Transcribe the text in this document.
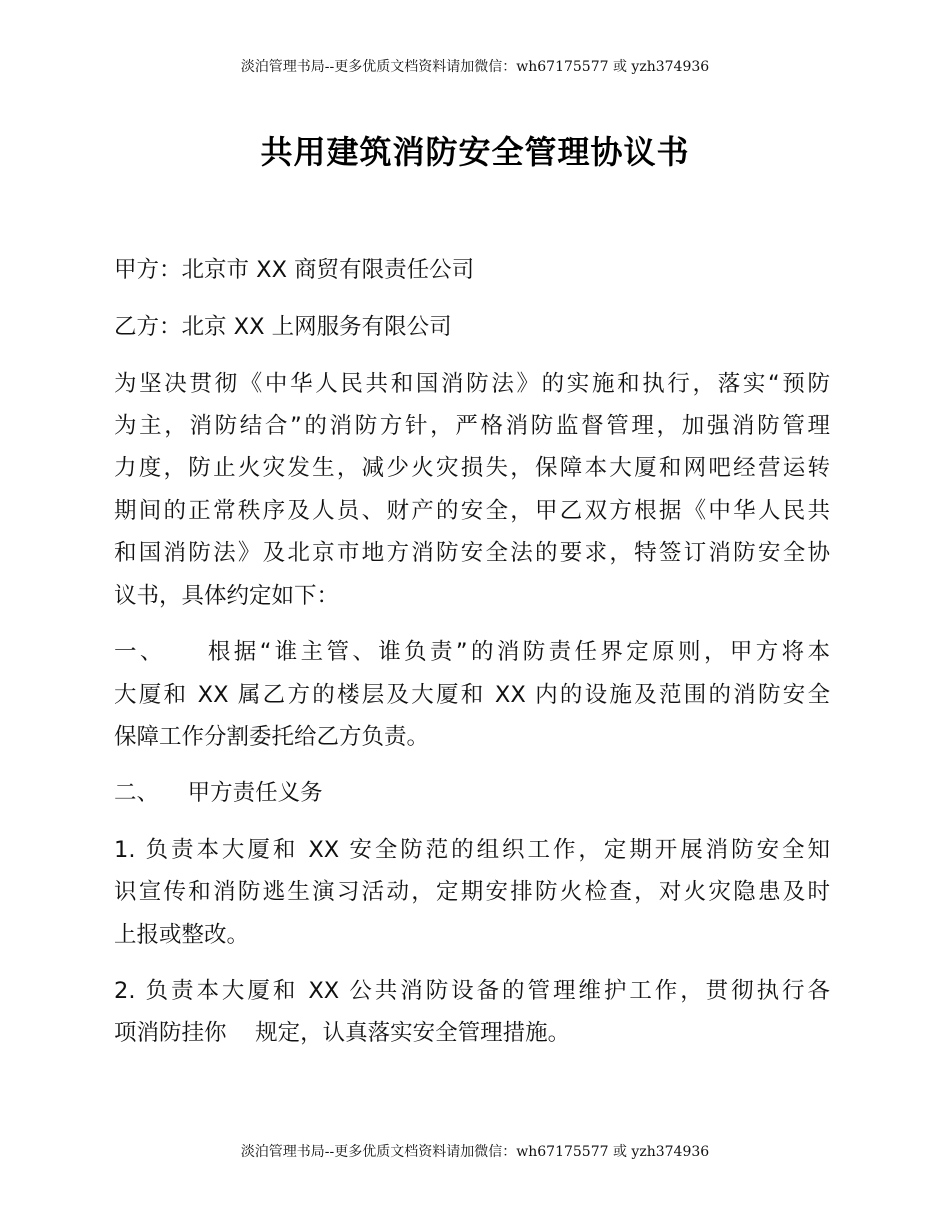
淡泊管理书局--更多优质文档资料请加微信：wh67175577 或 yzh374936
共用建筑消防安全管理协议书
甲方：北京市 XX 商贸有限责任公司
乙方：北京 XX 上网服务有限公司
为坚决贯彻《中华人民共和国消防法》的实施和执行，落实“预防
为主，消防结合”的消防方针，严格消防监督管理，加强消防管理
力度，防止火灾发生，减少火灾损失，保障本大厦和网吧经营运转
期间的正常秩序及人员、财产的安全，甲乙双方根据《中华人民共
和国消防法》及北京市地方消防安全法的要求，特签订消防安全协
议书，具体约定如下：
一、    根据“谁主管、谁负责”的消防责任界定原则，甲方将本
大厦和 XX 属乙方的楼层及大厦和 XX 内的设施及范围的消防安全
保障工作分割委托给乙方负责。
二、    甲方责任义务
1. 负责本大厦和 XX 安全防范的组织工作，定期开展消防安全知
识宣传和消防逃生演习活动，定期安排防火检查，对火灾隐患及时
上报或整改。
2. 负责本大厦和 XX 公共消防设备的管理维护工作，贯彻执行各
项消防挂你    规定，认真落实安全管理措施。
淡泊管理书局--更多优质文档资料请加微信：wh67175577 或 yzh374936
